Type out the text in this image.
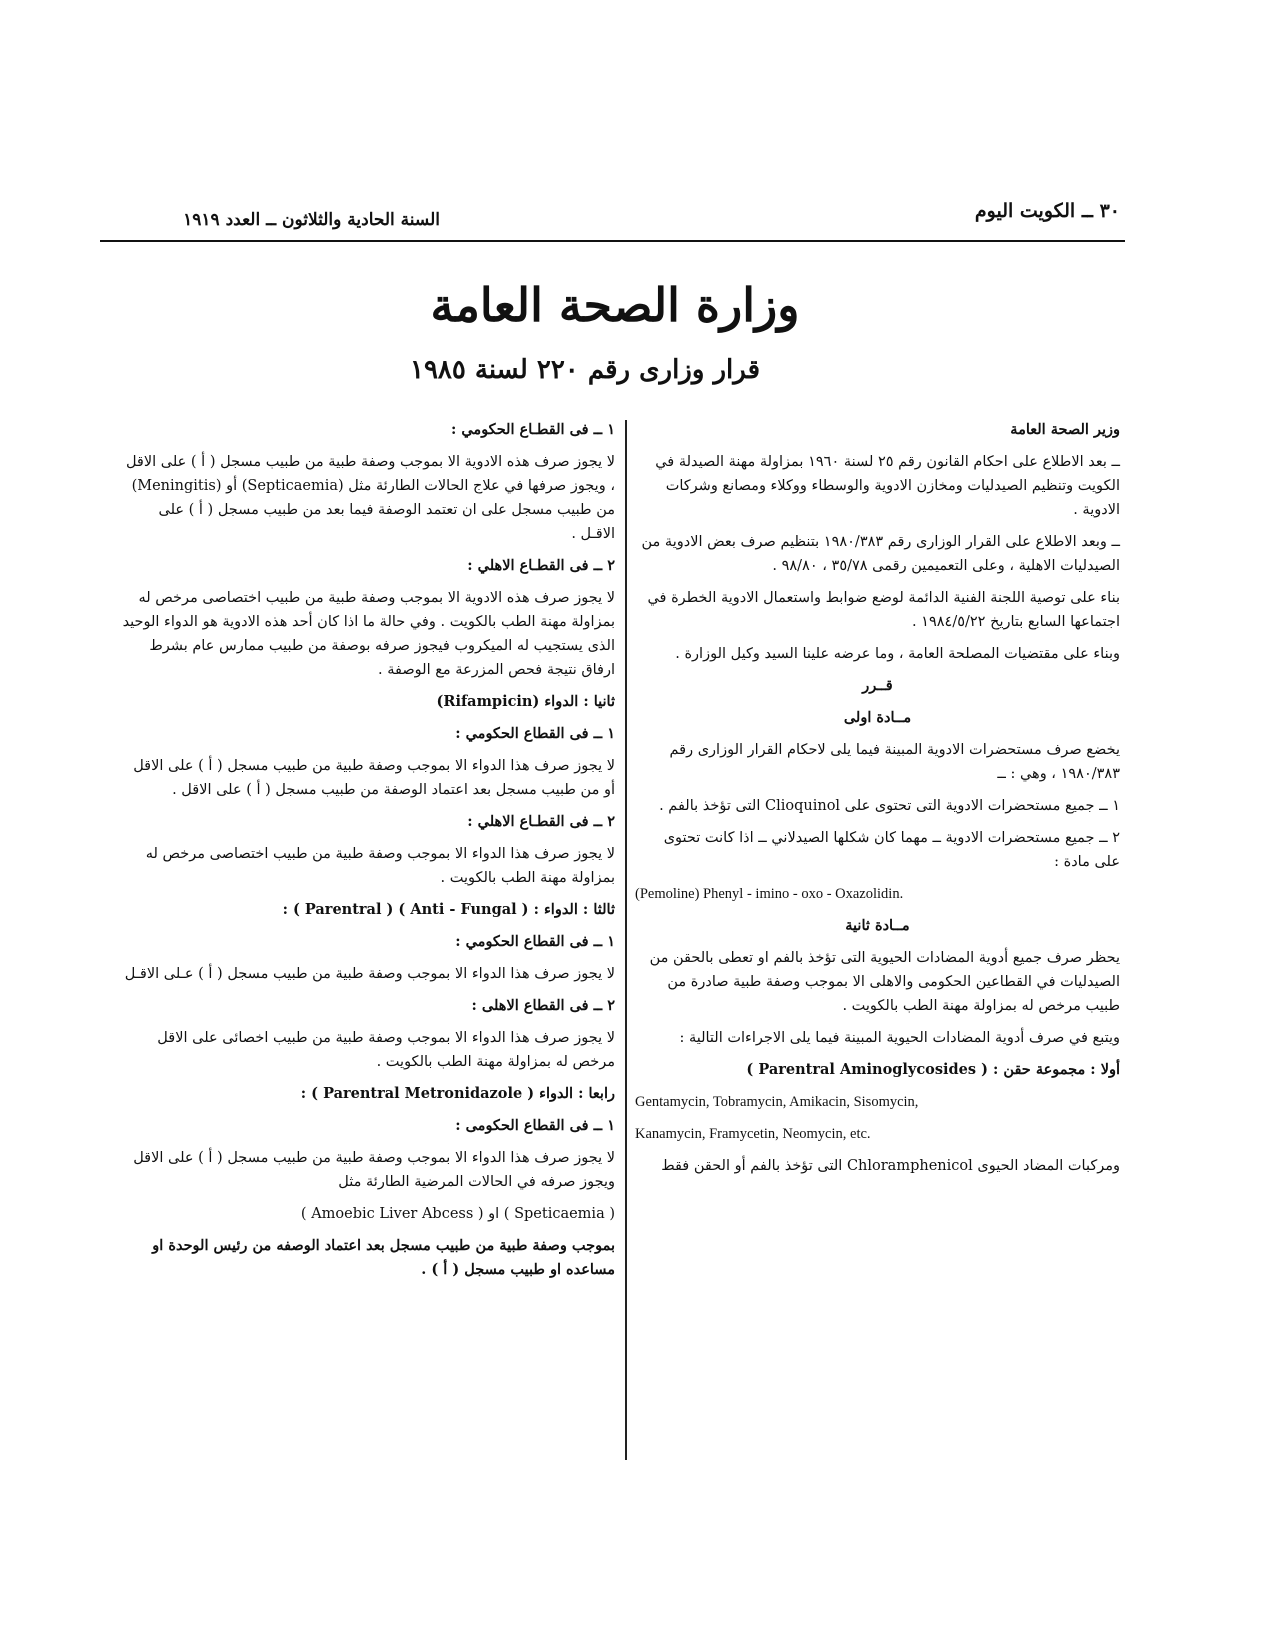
٣٠ ــ الكويت اليوم
السنة الحادية والثلاثون ــ العدد ١٩١٩
وزارة الصحة العامة
قرار وزارى رقم ٢٢٠ لسنة ١٩٨٥

وزير الصحة العامة

ــ بعد الاطلاع على احكام القانون رقم ٢٥ لسنة ١٩٦٠ بمزاولة مهنة الصيدلة في الكويت وتنظيم الصيدليات ومخازن الادوية والوسطاء ووكلاء ومصانع وشركات الادوية .

ــ وبعد الاطلاع على القرار الوزارى رقم ١٩٨٠/٣٨٣ بتنظيم صرف بعض الادوية من الصيدليات الاهلية ، وعلى التعميمين رقمى ٣٥/٧٨ ، ٩٨/٨٠ .

بناء على توصية اللجنة الفنية الدائمة لوضع ضوابط واستعمال الادوية الخطرة في اجتماعها السابع بتاريخ ١٩٨٤/٥/٢٢ .

وبناء على مقتضيات المصلحة العامة ، وما عرضه علينا السيد وكيل الوزارة .

قــرر

مــادة اولى

يخضع صرف مستحضرات الادوية المبينة فيما يلى لاحكام القرار الوزارى رقم ١٩٨٠/٣٨٣ ، وهي : ــ

١ ــ جميع مستحضرات الادوية التى تحتوى على Clioquinol التى تؤخذ بالفم .

٢ ــ جميع مستحضرات الادوية ــ مهما كان شكلها الصيدلاني ــ اذا كانت تحتوى على مادة :

(Pemoline) Phenyl - imino - oxo - Oxazolidin.

مــادة ثانية

يحظر صرف جميع أدوية المضادات الحيوية التى تؤخذ بالفم او تعطى بالحقن من الصيدليات في القطاعين الحكومى والاهلى الا بموجب وصفة طبية صادرة من طبيب مرخص له بمزاولة مهنة الطب بالكويت .

ويتبع في صرف أدوية المضادات الحيوية المبينة فيما يلى الاجراءات التالية :

أولا : مجموعة حقن : ( Parentral Aminoglycosides )

Gentamycin, Tobramycin, Amikacin, Sisomycin,

Kanamycin, Framycetin, Neomycin, etc.

ومركبات المضاد الحيوى Chloramphenicol التى تؤخذ بالفم أو الحقن فقط

١ ــ فى القطـاع الحكومي :

لا يجوز صرف هذه الادوية الا بموجب وصفة طبية من طبيب مسجل ( أ ) على الاقل ، ويجوز صرفها في علاج الحالات الطارئة مثل (Septicaemia) أو (Meningitis) من طبيب مسجل على ان تعتمد الوصفة فيما بعد من طبيب مسجل ( أ ) على الاقـل .

٢ ــ فى القطـاع الاهلي :

لا يجوز صرف هذه الادوية الا بموجب وصفة طبية من طبيب اختصاصى مرخص له بمزاولة مهنة الطب بالكويت . وفي حالة ما اذا كان أحد هذه الادوية هو الدواء الوحيد الذى يستجيب له الميكروب فيجوز صرفه بوصفة من طبيب ممارس عام بشرط ارفاق نتيجة فحص المزرعة مع الوصفة .

ثانيا : الدواء (Rifampicin)

١ ــ فى القطاع الحكومي :

لا يجوز صرف هذا الدواء الا بموجب وصفة طبية من طبيب مسجل ( أ ) على الاقل أو من طبيب مسجل بعد اعتماد الوصفة من طبيب مسجل ( أ ) على الاقل .

٢ ــ فى القطـاع الاهلي :

لا يجوز صرف هذا الدواء الا بموجب وصفة طبية من طبيب اختصاصى مرخص له بمزاولة مهنة الطب بالكويت .

ثالثا : الدواء : ( Anti - Fungal ) ( Parentral ) :

١ ــ فى القطاع الحكومي :

لا يجوز صرف هذا الدواء الا بموجب وصفة طبية من طبيب مسجل ( أ ) عـلى الاقـل

٢ ــ فى القطاع الاهلى :

لا يجوز صرف هذا الدواء الا بموجب وصفة طبية من طبيب اخصائى على الاقل مرخص له بمزاولة مهنة الطب بالكويت .

رابعا : الدواء ( Parentral Metronidazole ) :

١ ــ فى القطاع الحكومى :

لا يجوز صرف هذا الدواء الا بموجب وصفة طبية من طبيب مسجل ( أ ) على الاقل ويجوز صرفه في الحالات المرضية الطارئة مثل

( Speticaemia ) او ( Amoebic Liver Abcess )

بموجب وصفة طبية من طبيب مسجل بعد اعتماد الوصفه من رئيس الوحدة او مساعده او طبيب مسجل ( أ ) .
